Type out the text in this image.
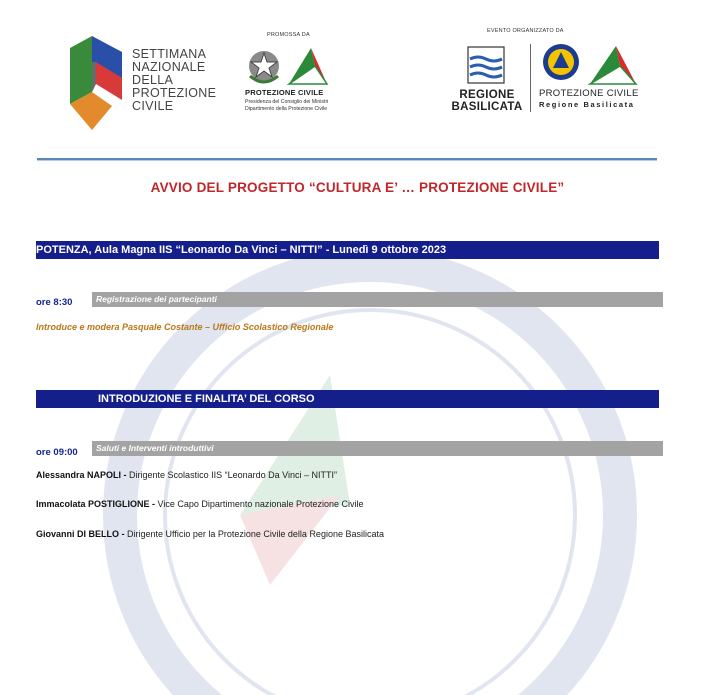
SETTIMANA
NAZIONALE
DELLA
PROTEZIONE
CIVILE
PROMOSSA DA
PROTEZIONE CIVILE
Presidenza del Consiglio dei Ministri
Dipartimento della Protezione Civile
EVENTO ORGANIZZATO DA
REGIONE
BASILICATA
PROTEZIONE CIVILE
Regione Basilicata
AVVIO DEL PROGETTO “CULTURA E’ … PROTEZIONE CIVILE”
POTENZA, Aula Magna IIS “Leonardo Da Vinci – NITTI” - Lunedì 9 ottobre 2023
ore 8:30	Registrazione dei partecipanti
Introduce e modera Pasquale Costante – Ufficio Scolastico Regionale
INTRODUZIONE E FINALITA’ DEL CORSO
ore 09:00	Saluti e Interventi introduttivi
Alessandra NAPOLI - Dirigente Scolastico IIS “Leonardo Da Vinci – NITTI”
Immacolata POSTIGLIONE - Vice Capo Dipartimento nazionale Protezione Civile
Giovanni DI BELLO - Dirigente Ufficio per la Protezione Civile della Regione Basilicata
